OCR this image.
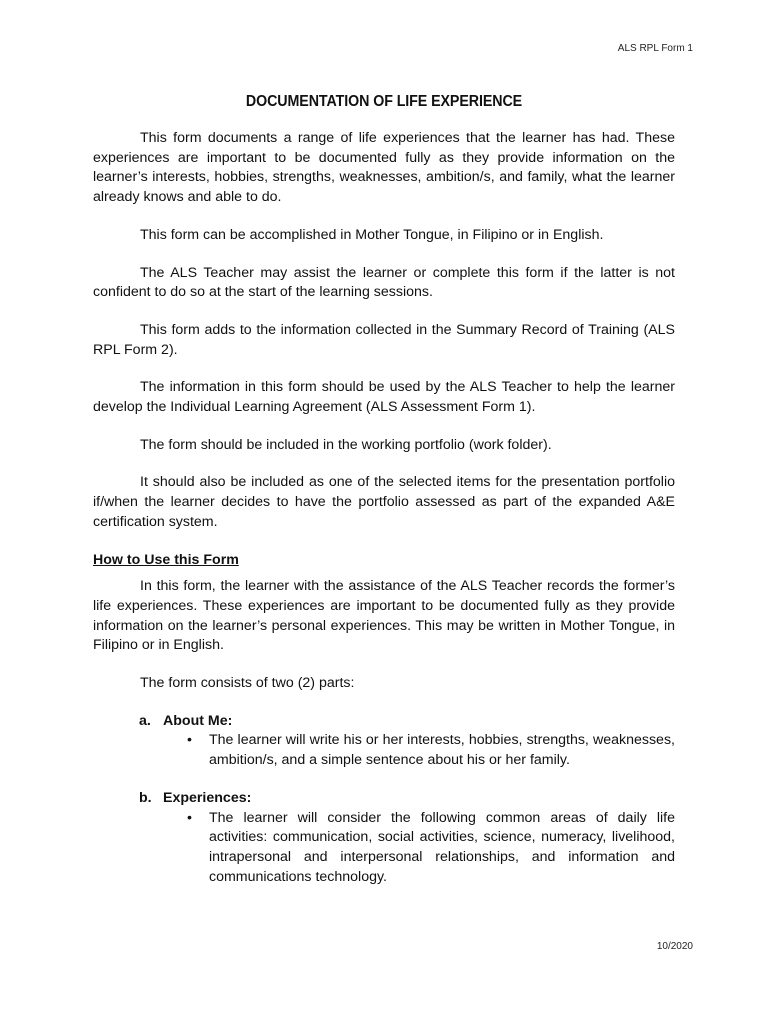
ALS RPL Form 1
DOCUMENTATION OF LIFE EXPERIENCE

This form documents a range of life experiences that the learner has had. These experiences are important to be documented fully as they provide information on the learner’s interests, hobbies, strengths, weaknesses, ambition/s, and family, what the learner already knows and able to do.

This form can be accomplished in Mother Tongue, in Filipino or in English.

The ALS Teacher may assist the learner or complete this form if the latter is not confident to do so at the start of the learning sessions.

This form adds to the information collected in the Summary Record of Training (ALS RPL Form 2).

The information in this form should be used by the ALS Teacher to help the learner develop the Individual Learning Agreement (ALS Assessment Form 1).

The form should be included in the working portfolio (work folder).

It should also be included as one of the selected items for the presentation portfolio if/when the learner decides to have the portfolio assessed as part of the expanded A&E certification system.

How to Use this Form

In this form, the learner with the assistance of the ALS Teacher records the former’s life experiences. These experiences are important to be documented fully as they provide information on the learner’s personal experiences. This may be written in Mother Tongue, in Filipino or in English.

The form consists of two (2) parts:

a. About Me:

• The learner will write his or her interests, hobbies, strengths, weaknesses, ambition/s, and a simple sentence about his or her family.

b. Experiences:

• The learner will consider the following common areas of daily life activities: communication, social activities, science, numeracy, livelihood, intrapersonal and interpersonal relationships, and information and communications technology.
10/2020
